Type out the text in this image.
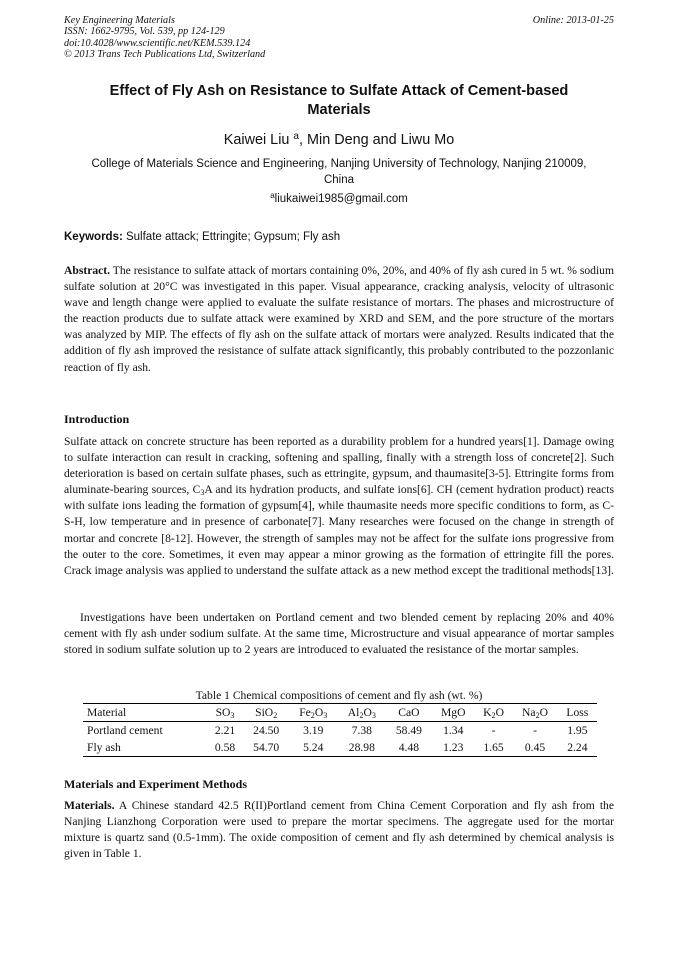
Key Engineering Materials
ISSN: 1662-9795, Vol. 539, pp 124-129
doi:10.4028/www.scientific.net/KEM.539.124
© 2013 Trans Tech Publications Ltd, Switzerland
Online: 2013-01-25
Effect of Fly Ash on Resistance to Sulfate Attack of Cement-based
Materials
Kaiwei Liu $^a$, Min Deng and Liwu Mo
College of Materials Science and Engineering, Nanjing University of Technology, Nanjing 210009,
China
$^a$liukaiwei1985@gmail.com
Keywords: Sulfate attack; Ettringite; Gypsum; Fly ash
Abstract. The resistance to sulfate attack of mortars containing 0%, 20%, and 40% of fly ash cured in 5 wt. % sodium sulfate solution at 20°C was investigated in this paper. Visual appearance, cracking analysis, velocity of ultrasonic wave and length change were applied to evaluate the sulfate resistance of mortars. The phases and microstructure of the reaction products due to sulfate attack were examined by XRD and SEM, and the pore structure of the mortars was analyzed by MIP. The effects of fly ash on the sulfate attack of mortars were analyzed. Results indicated that the addition of fly ash improved the resistance of sulfate attack significantly, this probably contributed to the pozzonlanic reaction of fly ash.
Introduction
Sulfate attack on concrete structure has been reported as a durability problem for a hundred years[1]. Damage owing to sulfate interaction can result in cracking, softening and spalling, finally with a strength loss of concrete[2]. Such deterioration is based on certain sulfate phases, such as ettringite, gypsum, and thaumasite[3-5]. Ettringite forms from aluminate-bearing sources, $C_3A$ and its hydration products, and sulfate ions[6]. CH (cement hydration product) reacts with sulfate ions leading the formation of gypsum[4], while thaumasite needs more specific conditions to form, as C-S-H, low temperature and in presence of carbonate[7]. Many researches were focused on the change in strength of mortar and concrete [8-12]. However, the strength of samples may not be affect for the sulfate ions progressive from the outer to the core. Sometimes, it even may appear a minor growing as the formation of ettringite fill the pores. Crack image analysis was applied to understand the sulfate attack as a new method except the traditional methods[13].
Investigations have been undertaken on Portland cement and two blended cement by replacing 20% and 40% cement with fly ash under sodium sulfate. At the same time, Microstructure and visual appearance of mortar samples stored in sodium sulfate solution up to 2 years are introduced to evaluated the resistance of the mortar samples.
Table 1 Chemical compositions of cement and fly ash (wt. %)
Material	$SO_3$	SiO$_2$	$Fe_2O_3$	$Al_2O_3$	CaO	MgO	$K_2O$	$Na_2O$	Loss
Portland cement	2.21	24.50	3.19	7.38	58.49	1.34	-	-	1.95
Fly ash	0.58	54.70	5.24	28.98	4.48	1.23	1.65	0.45	2.24
Materials and Experiment Methods
Materials. A Chinese standard 42.5 R(II)Portland cement from China Cement Corporation and fly ash from the Nanjing Lianzhong Corporation were used to prepare the mortar specimens. The aggregate used for the mortar mixture is quartz sand (0.5-1mm). The oxide composition of cement and fly ash determined by chemical analysis is given in Table 1.
